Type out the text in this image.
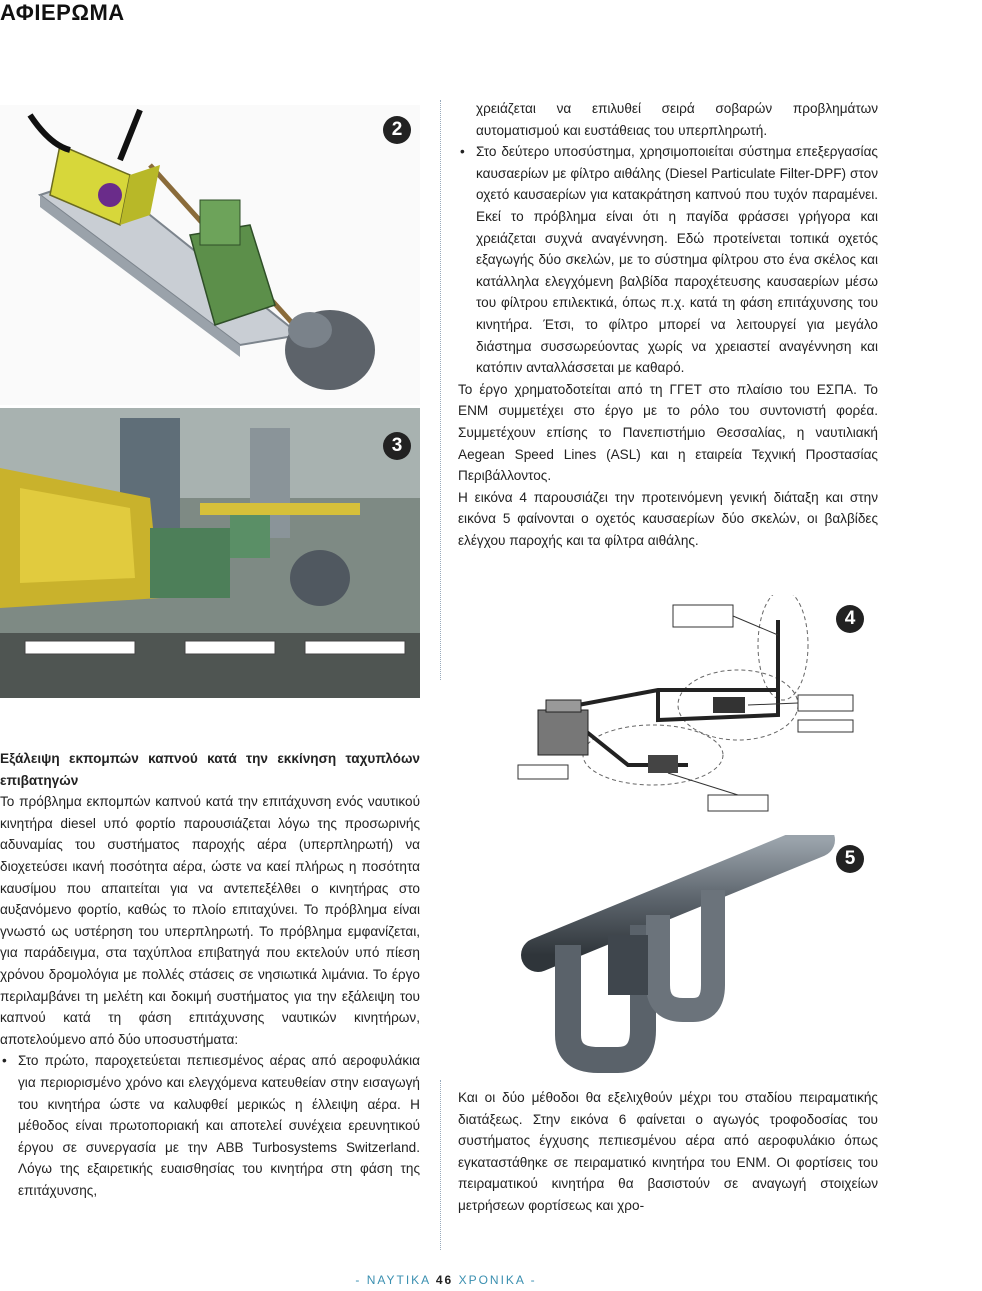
ΑΦΙΕΡΩΜΑ
2
3

χρειάζεται να επιλυθεί σειρά σοβαρών προβλημάτων αυτοματισμού και ευστάθειας του υπερπληρωτή.

• Στο δεύτερο υποσύστημα, χρησιμοποιείται σύστημα επεξεργασίας καυσαερίων με φίλτρο αιθάλης (Diesel Particulate Filter-DPF) στον οχετό καυσαερίων για κατακράτηση καπνού που τυχόν παραμένει. Εκεί το πρόβλημα είναι ότι η παγίδα φράσσει γρήγορα και χρειάζεται συχνά αναγέννηση. Εδώ προτείνεται τοπικά οχετός εξαγωγής δύο σκελών, με το σύστημα φίλτρου στο ένα σκέλος και κατάλληλα ελεγχόμενη βαλβίδα παροχέτευσης καυσαερίων μέσω του φίλτρου επιλεκτικά, όπως π.χ. κατά τη φάση επιτάχυνσης του κινητήρα. Έτσι, το φίλτρο μπορεί να λειτουργεί για μεγάλο διάστημα συσσωρεύοντας χωρίς να χρειαστεί αναγέννηση και κατόπιν ανταλλάσσεται με καθαρό.

Το έργο χρηματοδοτείται από τη ΓΓΕΤ στο πλαίσιο του ΕΣΠΑ. Το ΕΝΜ συμμετέχει στο έργο με το ρόλο του συντονιστή φορέα. Συμμετέχουν επίσης το Πανεπιστήμιο Θεσσαλίας, η ναυτιλιακή Aegean Speed Lines (ASL) και η εταιρεία Τεχνική Προστασίας Περιβάλλοντος.

Η εικόνα 4 παρουσιάζει την προτεινόμενη γενική διάταξη και στην εικόνα 5 φαίνονται ο οχετός καυσαερίων δύο σκελών, οι βαλβίδες ελέγχου παροχής και τα φίλτρα αιθάλης.

4
5

Εξάλειψη εκπομπών καπνού κατά την εκκίνηση ταχυπλόων επιβατηγών

Το πρόβλημα εκπομπών καπνού κατά την επιτάχυνση ενός ναυτικού κινητήρα diesel υπό φορτίο παρουσιάζεται λόγω της προσωρινής αδυναμίας του συστήματος παροχής αέρα (υπερπληρωτή) να διοχετεύσει ικανή ποσότητα αέρα, ώστε να καεί πλήρως η ποσότητα καυσίμου που απαιτείται για να αντεπεξέλθει ο κινητήρας στο αυξανόμενο φορτίο, καθώς το πλοίο επιταχύνει. Το πρόβλημα είναι γνωστό ως υστέρηση του υπερπληρωτή. Το πρόβλημα εμφανίζεται, για παράδειγμα, στα ταχύπλοα επιβατηγά που εκτελούν υπό πίεση χρόνου δρομολόγια με πολλές στάσεις σε νησιωτικά λιμάνια. Το έργο περιλαμβάνει τη μελέτη και δοκιμή συστήματος για την εξάλειψη του καπνού κατά τη φάση επιτάχυνσης ναυτικών κινητήρων, αποτελούμενο από δύο υποσυστήματα:

• Στο πρώτο, παροχετεύεται πεπιεσμένος αέρας από αεροφυλάκια για περιορισμένο χρόνο και ελεγχόμενα κατευθείαν στην εισαγωγή του κινητήρα ώστε να καλυφθεί μερικώς η έλλειψη αέρα. Η μέθοδος είναι πρωτοποριακή και αποτελεί συνέχεια ερευνητικού έργου σε συνεργασία με την ABB Turbosystems Switzerland. Λόγω της εξαιρετικής ευαισθησίας του κινητήρα στη φάση της επιτάχυνσης,

Και οι δύο μέθοδοι θα εξελιχθούν μέχρι του σταδίου πειραματικής διατάξεως. Στην εικόνα 6 φαίνεται ο αγωγός τροφοδοσίας του συστήματος έγχυσης πεπιεσμένου αέρα από αεροφυλάκιο όπως εγκαταστάθηκε σε πειραματικό κινητήρα του ΕΝΜ. Οι φορτίσεις του πειραματικού κινητήρα θα βασιστούν σε αναγωγή στοιχείων μετρήσεων φορτίσεως και χρο-

- ΝΑΥΤΙΚΑ 46 ΧΡΟΝΙΚΑ -
